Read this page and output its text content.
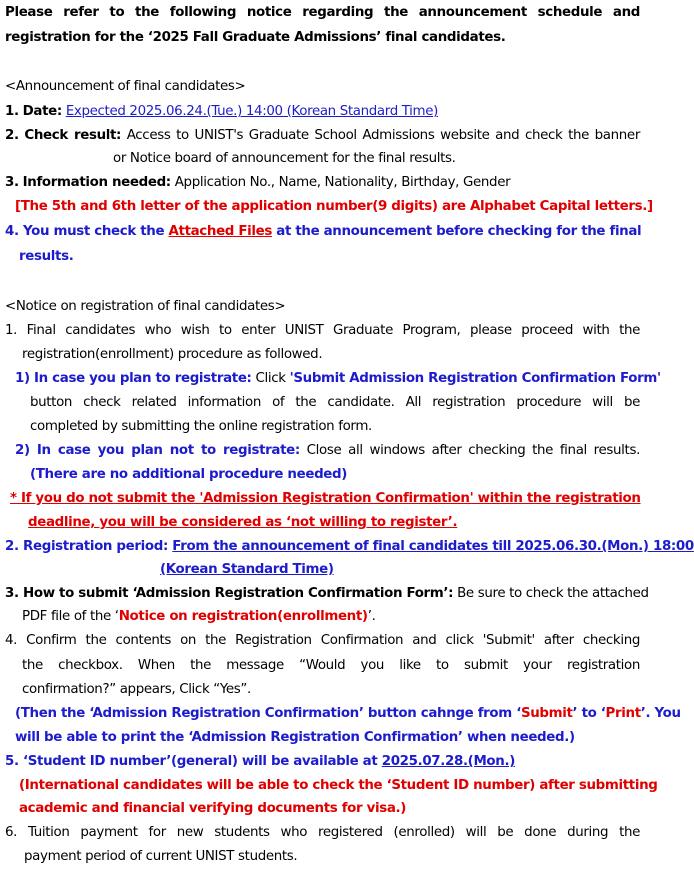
Please refer to the following notice regarding the announcement schedule and
registration for the ‘2025 Fall Graduate Admissions’ final candidates.
<Announcement of final candidates>
1. Date: Expected 2025.06.24.(Tue.) 14:00 (Korean Standard Time)
2. Check result: Access to UNIST's Graduate School Admissions website and check the banner
or Notice board of announcement for the final results.
3. Information needed: Application No., Name, Nationality, Birthday, Gender
[The 5th and 6th letter of the application number(9 digits) are Alphabet Capital letters.]
4. You must check the Attached Files at the announcement before checking for the final
results.
<Notice on registration of final candidates>
1. Final candidates who wish to enter UNIST Graduate Program, please proceed with the
registration(enrollment) procedure as followed.
1) In case you plan to registrate: Click 'Submit Admission Registration Confirmation Form'
button check related information of the candidate. All registration procedure will be
completed by submitting the online registration form.
2) In case you plan not to registrate: Close all windows after checking the final results.
(There are no additional procedure needed)
* If you do not submit the 'Admission Registration Confirmation' within the registration
deadline, you will be considered as ‘not willing to register’.
2. Registration period: From the announcement of final candidates till 2025.06.30.(Mon.) 18:00
(Korean Standard Time)
3. How to submit ‘Admission Registration Confirmation Form’: Be sure to check the attached
PDF file of the ‘Notice on registration(enrollment)’.
4. Confirm the contents on the Registration Confirmation and click 'Submit' after checking
the checkbox. When the message “Would you like to submit your registration
confirmation?” appears, Click “Yes”.
(Then the ‘Admission Registration Confirmation’ button cahnge from ‘Submit’ to ‘Print’. You
will be able to print the ‘Admission Registration Confirmation’ when needed.)
5. ‘Student ID number’(general) will be available at 2025.07.28.(Mon.)
(International candidates will be able to check the ‘Student ID number) after submitting
academic and financial verifying documents for visa.)
6. Tuition payment for new students who registered (enrolled) will be done during the
payment period of current UNIST students.
